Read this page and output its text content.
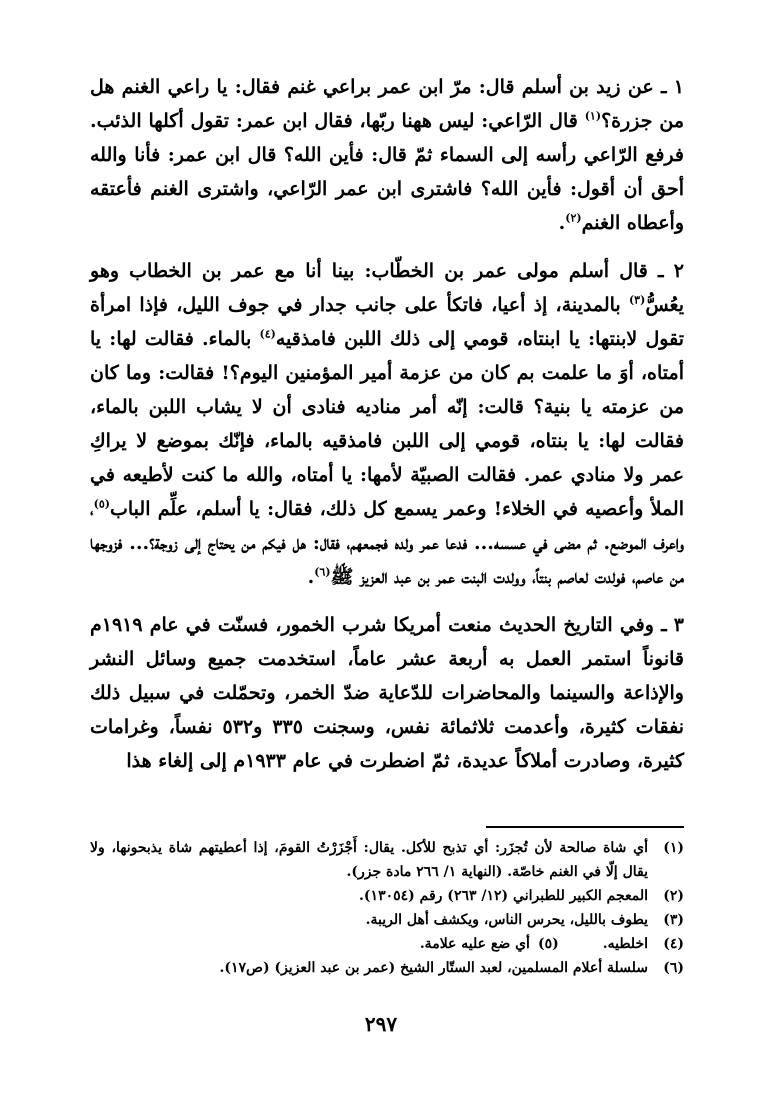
١ ـ عن زيد بن أسلم قال: مرّ ابن عمر براعي غنم فقال: يا راعي الغنم هل من جزرة؟$^{(١)}$ قال الرّاعي: ليس ههنا ربّها، فقال ابن عمر: تقول أكلها الذئب. فرفع الرّاعي رأسه إلى السماء ثمّ قال: فأين الله؟ قال ابن عمر: فأنا والله أحق أن أقول: فأين الله؟ فاشترى ابن عمر الرّاعي، واشترى الغنم فأعتقه وأعطاه الغنم$^{(٢)}$.

٢ ـ قال أسلم مولى عمر بن الخطّاب: بينا أنا مع عمر بن الخطاب وهو يعُسُّ$^{(٣)}$ بالمدينة، إذ أعيا، فاتكأ على جانب جدار في جوف الليل، فإذا امرأة تقول لابنتها: يا ابنتاه، قومي إلى ذلك اللبن فامذقيه$^{(٤)}$ بالماء. فقالت لها: يا أمتاه، أوَ ما علمت بم كان من عزمة أمير المؤمنين اليوم؟! فقالت: وما كان من عزمته يا بنية؟ قالت: إنّه أمر مناديه فنادى أن لا يشاب اللبن بالماء، فقالت لها: يا بنتاه، قومي إلى اللبن فامذقيه بالماء، فإنّك بموضع لا يراكِ عمر ولا منادي عمر. فقالت الصبيّة لأمها: يا أمتاه، والله ما كنت لأطيعه في الملأ وأعصيه في الخلاء! وعمر يسمع كل ذلك، فقال: يا أسلم، علِّم الباب$^{(٥)}$، واعرف الموضع. ثم مضى في عسسه... فدعا عمر ولده فجمعهم، فقال: هل فيكم من يحتاج إلى زوجة؟... فزوجها من عاصم، فولدت لعاصم بنتاً، وولدت البنت عمر بن عبد العزيز ﷺ$^{(٦)}$.

٣ ـ وفي التاريخ الحديث منعت أمريكا شرب الخمور، فسنّت في عام ١٩١٩م قانوناً استمر العمل به أربعة عشر عاماً، استخدمت جميع وسائل النشر والإذاعة والسينما والمحاضرات للدّعاية ضدّ الخمر، وتحمّلت في سبيل ذلك نفقات كثيرة، وأعدمت ثلاثمائة نفس، وسجنت ٣٣٥ و٥٣٢ نفساً، وغرامات كثيرة، وصادرت أملاكاً عديدة، ثمّ اضطرت في عام ١٩٣٣م إلى إلغاء هذا

(١)
أي شاة صالحة لأن تُجزَر: أي تذبح للأكل. يقال: أَجْزَرْتُ القومَ، إذا أعطيتهم شاة يذبحونها، ولا يقال إلّا في الغنم خاصّة. (النهاية ١/ ٢٦٦ مادة جزر).
(٢)
المعجم الكبير للطبراني (١٢/ ٢٦٣) رقم (١٣٠٥٤).
(٣)
يطوف بالليل، يحرس الناس، ويكشف أهل الريبة.
(٤)
اخلطيه.
(٥)
أي ضع عليه علامة.
(٦)
سلسلة أعلام المسلمين، لعبد الستّار الشيخ (عمر بن عبد العزيز) (ص١٧).
٢٩٧
